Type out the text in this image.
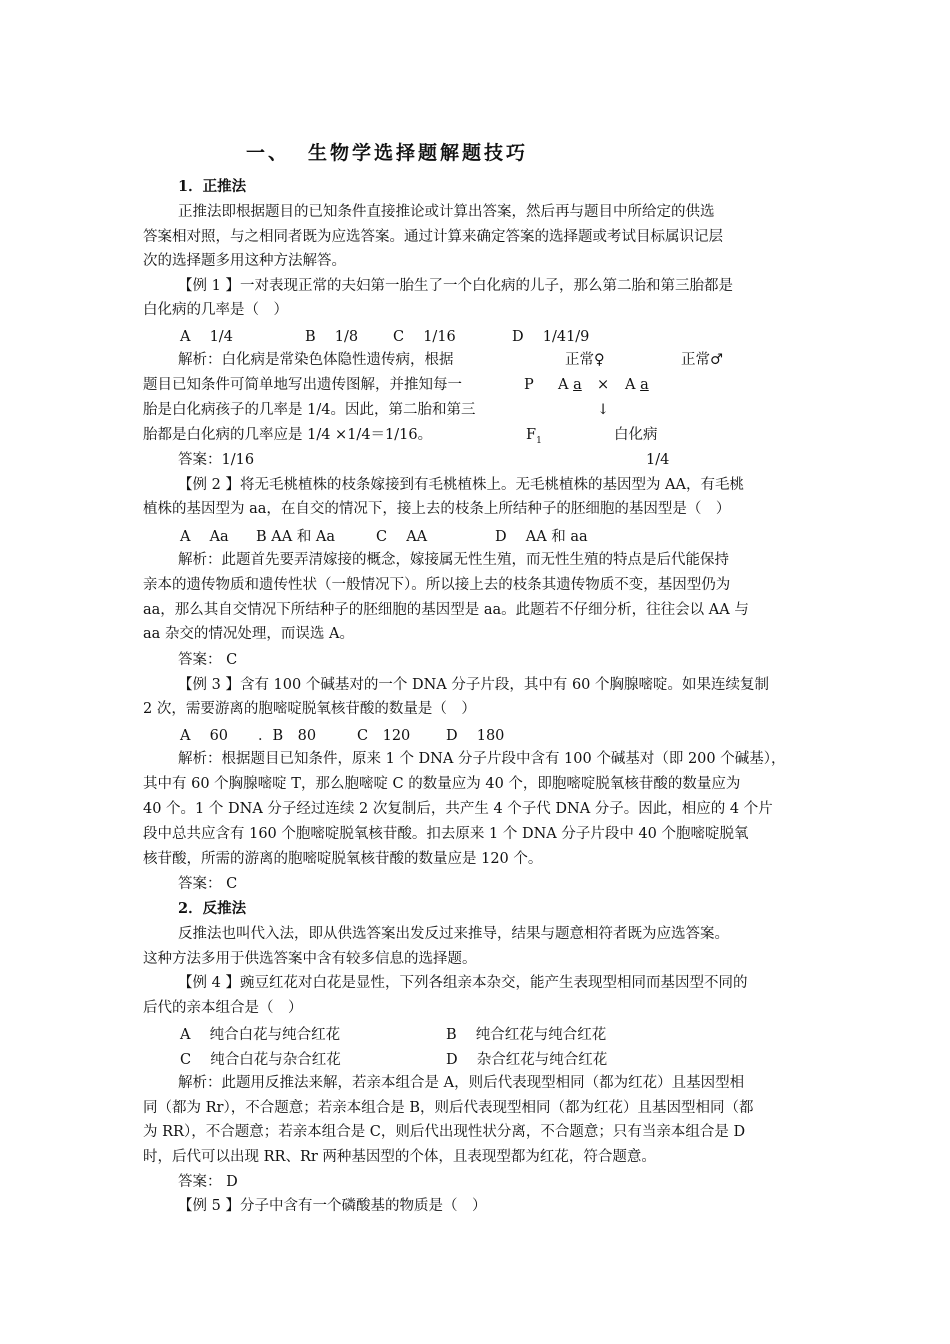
一、 生物学选择题解题技巧
1．正推法
正推法即根据题目的已知条件直接推论或计算出答案，然后再与题目中所给定的供选
答案相对照，与之相同者既为应选答案。通过计算来确定答案的选择题或考试目标属识记层
次的选择题多用这种方法解答。
【例 1 】一对表现正常的夫妇第一胎生了一个白化病的儿子，那么第二胎和第三胎都是
白化病的几率是（　）
A　 1/4	B　 1/8 C　 1/16	D　 1/41/9
解析：白化病是常染色体隐性遗传病，根据
题目已知条件可简单地写出遗传图解，并推知每一
胎是白化病孩子的几率是 1/4。因此，第二胎和第三
胎都是白化病的几率应是 1/4 ×1/4＝1/16。
正常♀	正常♂
P A a × A a
↓
$F_1$	白化病
答案：1/16	1/4
【例 2 】将无毛桃植株的枝条嫁接到有毛桃植株上。无毛桃植株的基因型为 AA，有毛桃
植株的基因型为 aa，在自交的情况下，接上去的枝条上所结种子的胚细胞的基因型是（　）
A　 Aa B AA 和 Aa	C　 AA	D　 AA 和 aa
解析：此题首先要弄清嫁接的概念，嫁接属无性生殖，而无性生殖的特点是后代能保持
亲本的遗传物质和遗传性状（一般情况下）。所以接上去的枝条其遗传物质不变，基因型仍为
aa，那么其自交情况下所结种子的胚细胞的基因型是 aa。此题若不仔细分析，往往会以 AA 与
aa 杂交的情况处理，而误选 A。
答案： C
【例 3 】含有 100 个碱基对的一个 DNA 分子片段，其中有 60 个胸腺嘧啶。如果连续复制
2 次，需要游离的胞嘧啶脱氧核苷酸的数量是（　）
A　 60 ．B　80	C　120 D　 180
解析：根据题目已知条件，原来 1 个 DNA 分子片段中含有 100 个碱基对（即 200 个碱基），
其中有 60 个胸腺嘧啶 T，那么胞嘧啶 C 的数量应为 40 个，即胞嘧啶脱氧核苷酸的数量应为
40 个。1 个 DNA 分子经过连续 2 次复制后，共产生 4 个子代 DNA 分子。因此，相应的 4 个片
段中总共应含有 160 个胞嘧啶脱氧核苷酸。扣去原来 1 个 DNA 分子片段中 40 个胞嘧啶脱氧
核苷酸，所需的游离的胞嘧啶脱氧核苷酸的数量应是 120 个。
答案： C
2．反推法
反推法也叫代入法，即从供选答案出发反过来推导，结果与题意相符者既为应选答案。
这种方法多用于供选答案中含有较多信息的选择题。
【例 4 】豌豆红花对白花是显性，下列各组亲本杂交，能产生表现型相同而基因型不同的
后代的亲本组合是（　）
A　 纯合白花与纯合红花	B　 纯合红花与纯合红花
C　 纯合白花与杂合红花	D　 杂合红花与纯合红花
解析：此题用反推法来解，若亲本组合是 A，则后代表现型相同（都为红花）且基因型相
同（都为 Rr），不合题意；若亲本组合是 B，则后代表现型相同（都为红花）且基因型相同（都
为 RR），不合题意；若亲本组合是 C，则后代出现性状分离，不合题意；只有当亲本组合是 D
时，后代可以出现 RR、Rr 两种基因型的个体，且表现型都为红花，符合题意。
答案： D
【例 5 】分子中含有一个磷酸基的物质是（　）
